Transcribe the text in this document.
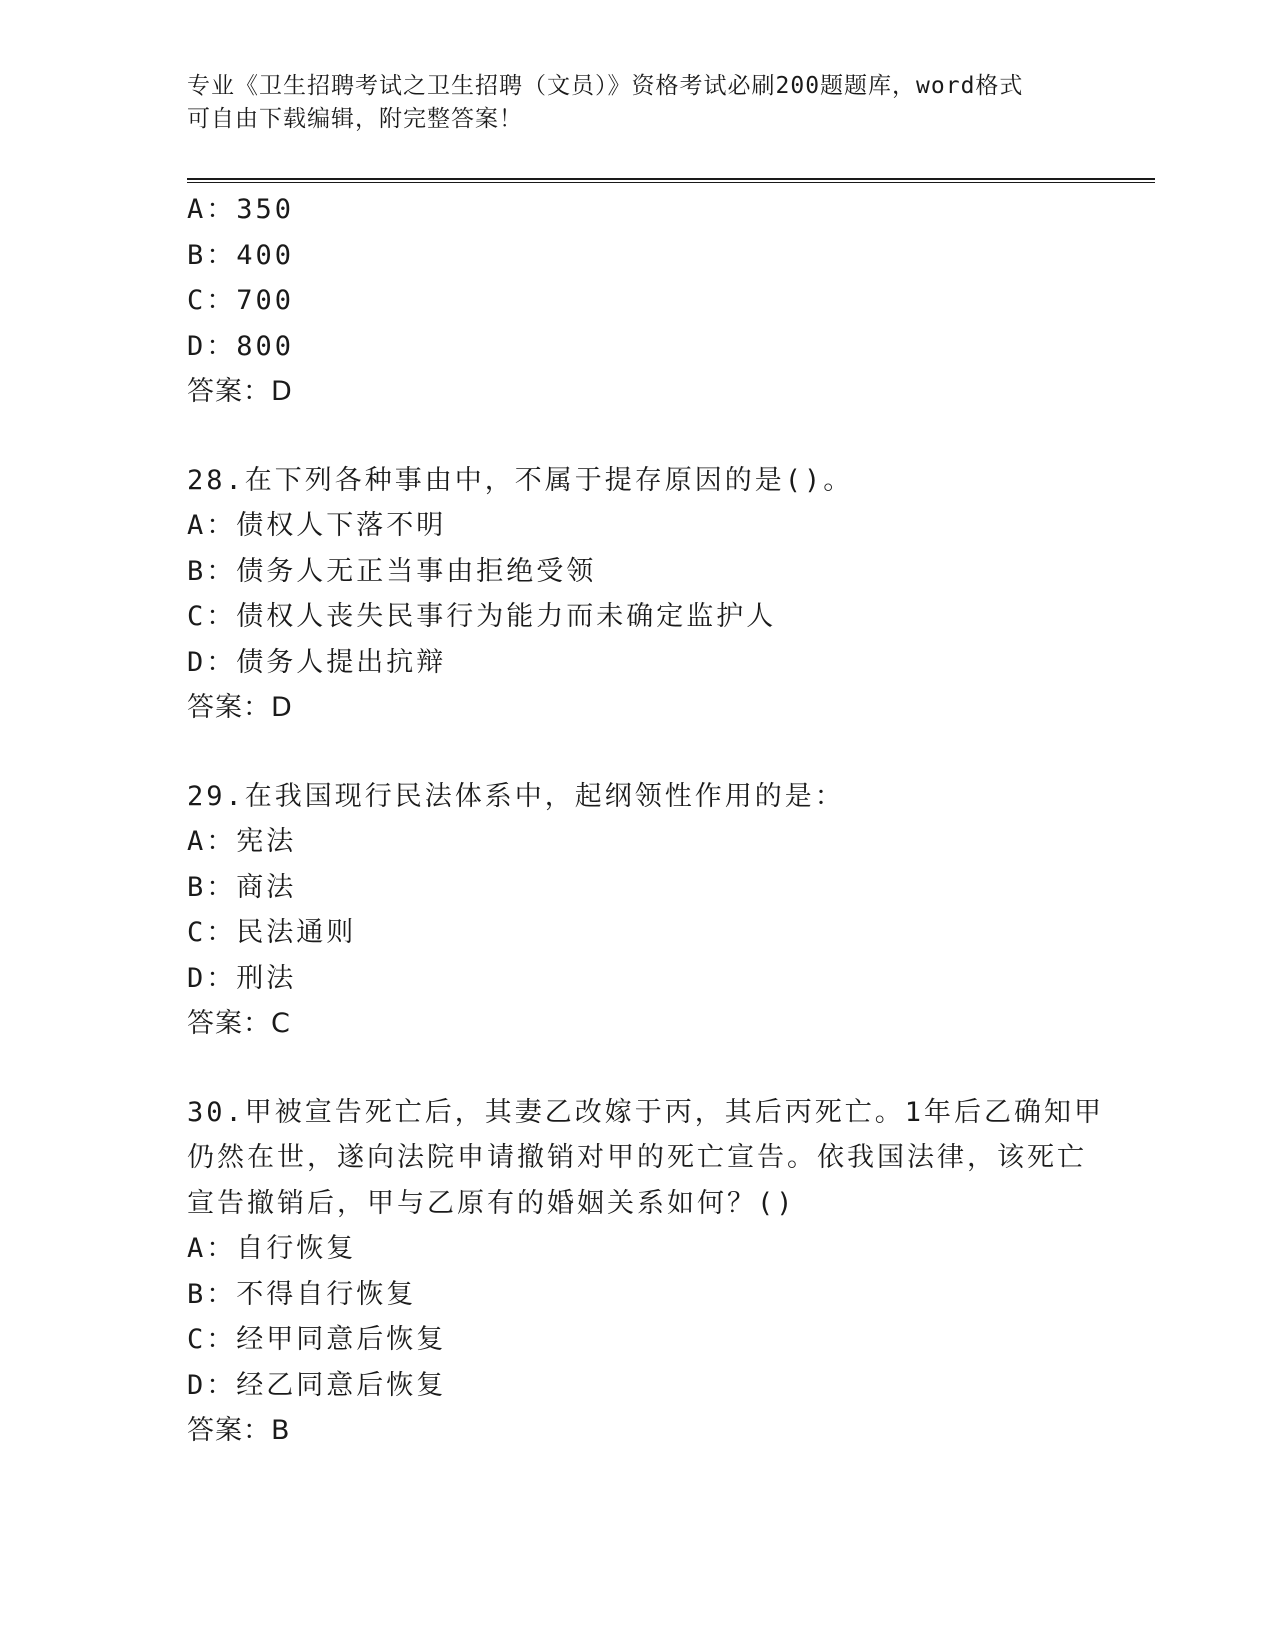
专业《卫生招聘考试之卫生招聘（文员）》资格考试必刷200题题库，word格式

可自由下载编辑，附完整答案！

A：350
B：400
C：700
D：800
答案：D
28.在下列各种事由中，不属于提存原因的是()。
A：债权人下落不明
B：债务人无正当事由拒绝受领
C：债权人丧失民事行为能力而未确定监护人
D：债务人提出抗辩
答案：D
29.在我国现行民法体系中，起纲领性作用的是：
A：宪法
B：商法
C：民法通则
D：刑法
答案：C
30.甲被宣告死亡后，其妻乙改嫁于丙，其后丙死亡。1年后乙确知甲
仍然在世，遂向法院申请撤销对甲的死亡宣告。依我国法律，该死亡
宣告撤销后，甲与乙原有的婚姻关系如何？()
A：自行恢复
B：不得自行恢复
C：经甲同意后恢复
D：经乙同意后恢复
答案：B
